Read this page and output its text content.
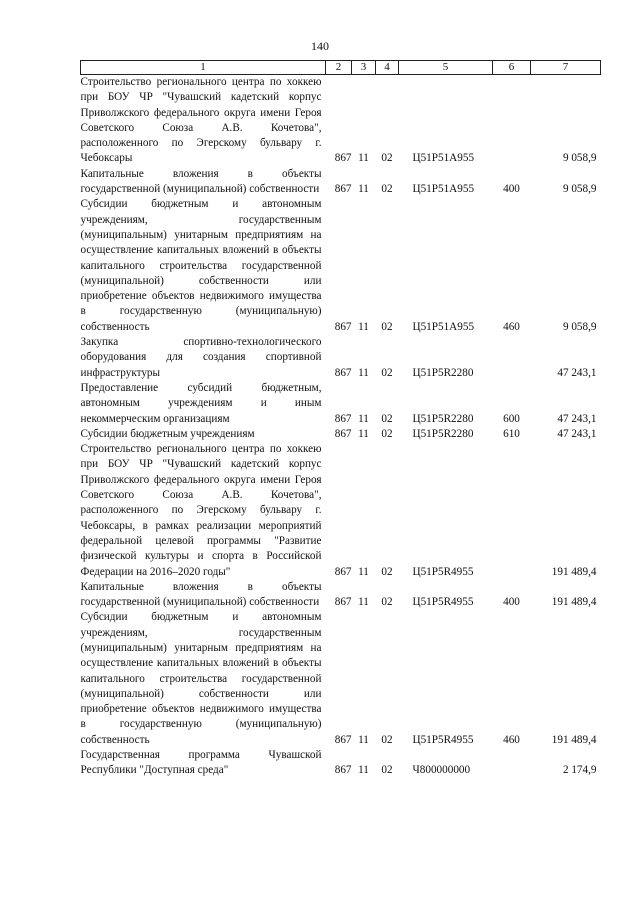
140
1	2	3	4	5	6	7
Строительство регионального центра по хоккею при БОУ ЧР "Чувашский кадетский корпус Приволжского федерального округа имени Героя Советского Союза А.В. Кочетова", расположенного по Эгерскому бульвару г. Чебоксары	867	11	02	Ц51P51A955		9 058,9
Капитальные вложения в объекты государственной (муниципальной) собственности	867	11	02	Ц51P51A955	400	9 058,9
Субсидии бюджетным и автономным учреждениям, государственным (муниципальным) унитарным предприятиям на осуществление капитальных вложений в объекты капитального строительства государственной (муниципальной) собственности или приобретение объектов недвижимого имущества в государственную (муниципальную) собственность	867	11	02	Ц51P51A955	460	9 058,9
Закупка спортивно-технологического оборудования для создания спортивной инфраструктуры	867	11	02	Ц51P5R2280		47 243,1
Предоставление субсидий бюджетным, автономным учреждениям и иным некоммерческим организациям	867	11	02	Ц51P5R2280	600	47 243,1
Субсидии бюджетным учреждениям	867	11	02	Ц51P5R2280	610	47 243,1
Строительство регионального центра по хоккею при БОУ ЧР "Чувашский кадетский корпус Приволжского федерального округа имени Героя Советского Союза А.В. Кочетова", расположенного по Эгерскому бульвару г. Чебоксары, в рамках реализации мероприятий федеральной целевой программы "Развитие физической культуры и спорта в Российской Федерации на 2016–2020 годы"	867	11	02	Ц51P5R4955		191 489,4
Капитальные вложения в объекты государственной (муниципальной) собственности	867	11	02	Ц51P5R4955	400	191 489,4
Субсидии бюджетным и автономным учреждениям, государственным (муниципальным) унитарным предприятиям на осуществление капитальных вложений в объекты капитального строительства государственной (муниципальной) собственности или приобретение объектов недвижимого имущества в государственную (муниципальную) собственность	867	11	02	Ц51P5R4955	460	191 489,4
Государственная программа Чувашской Республики "Доступная среда"	867	11	02	Ч800000000		2 174,9
